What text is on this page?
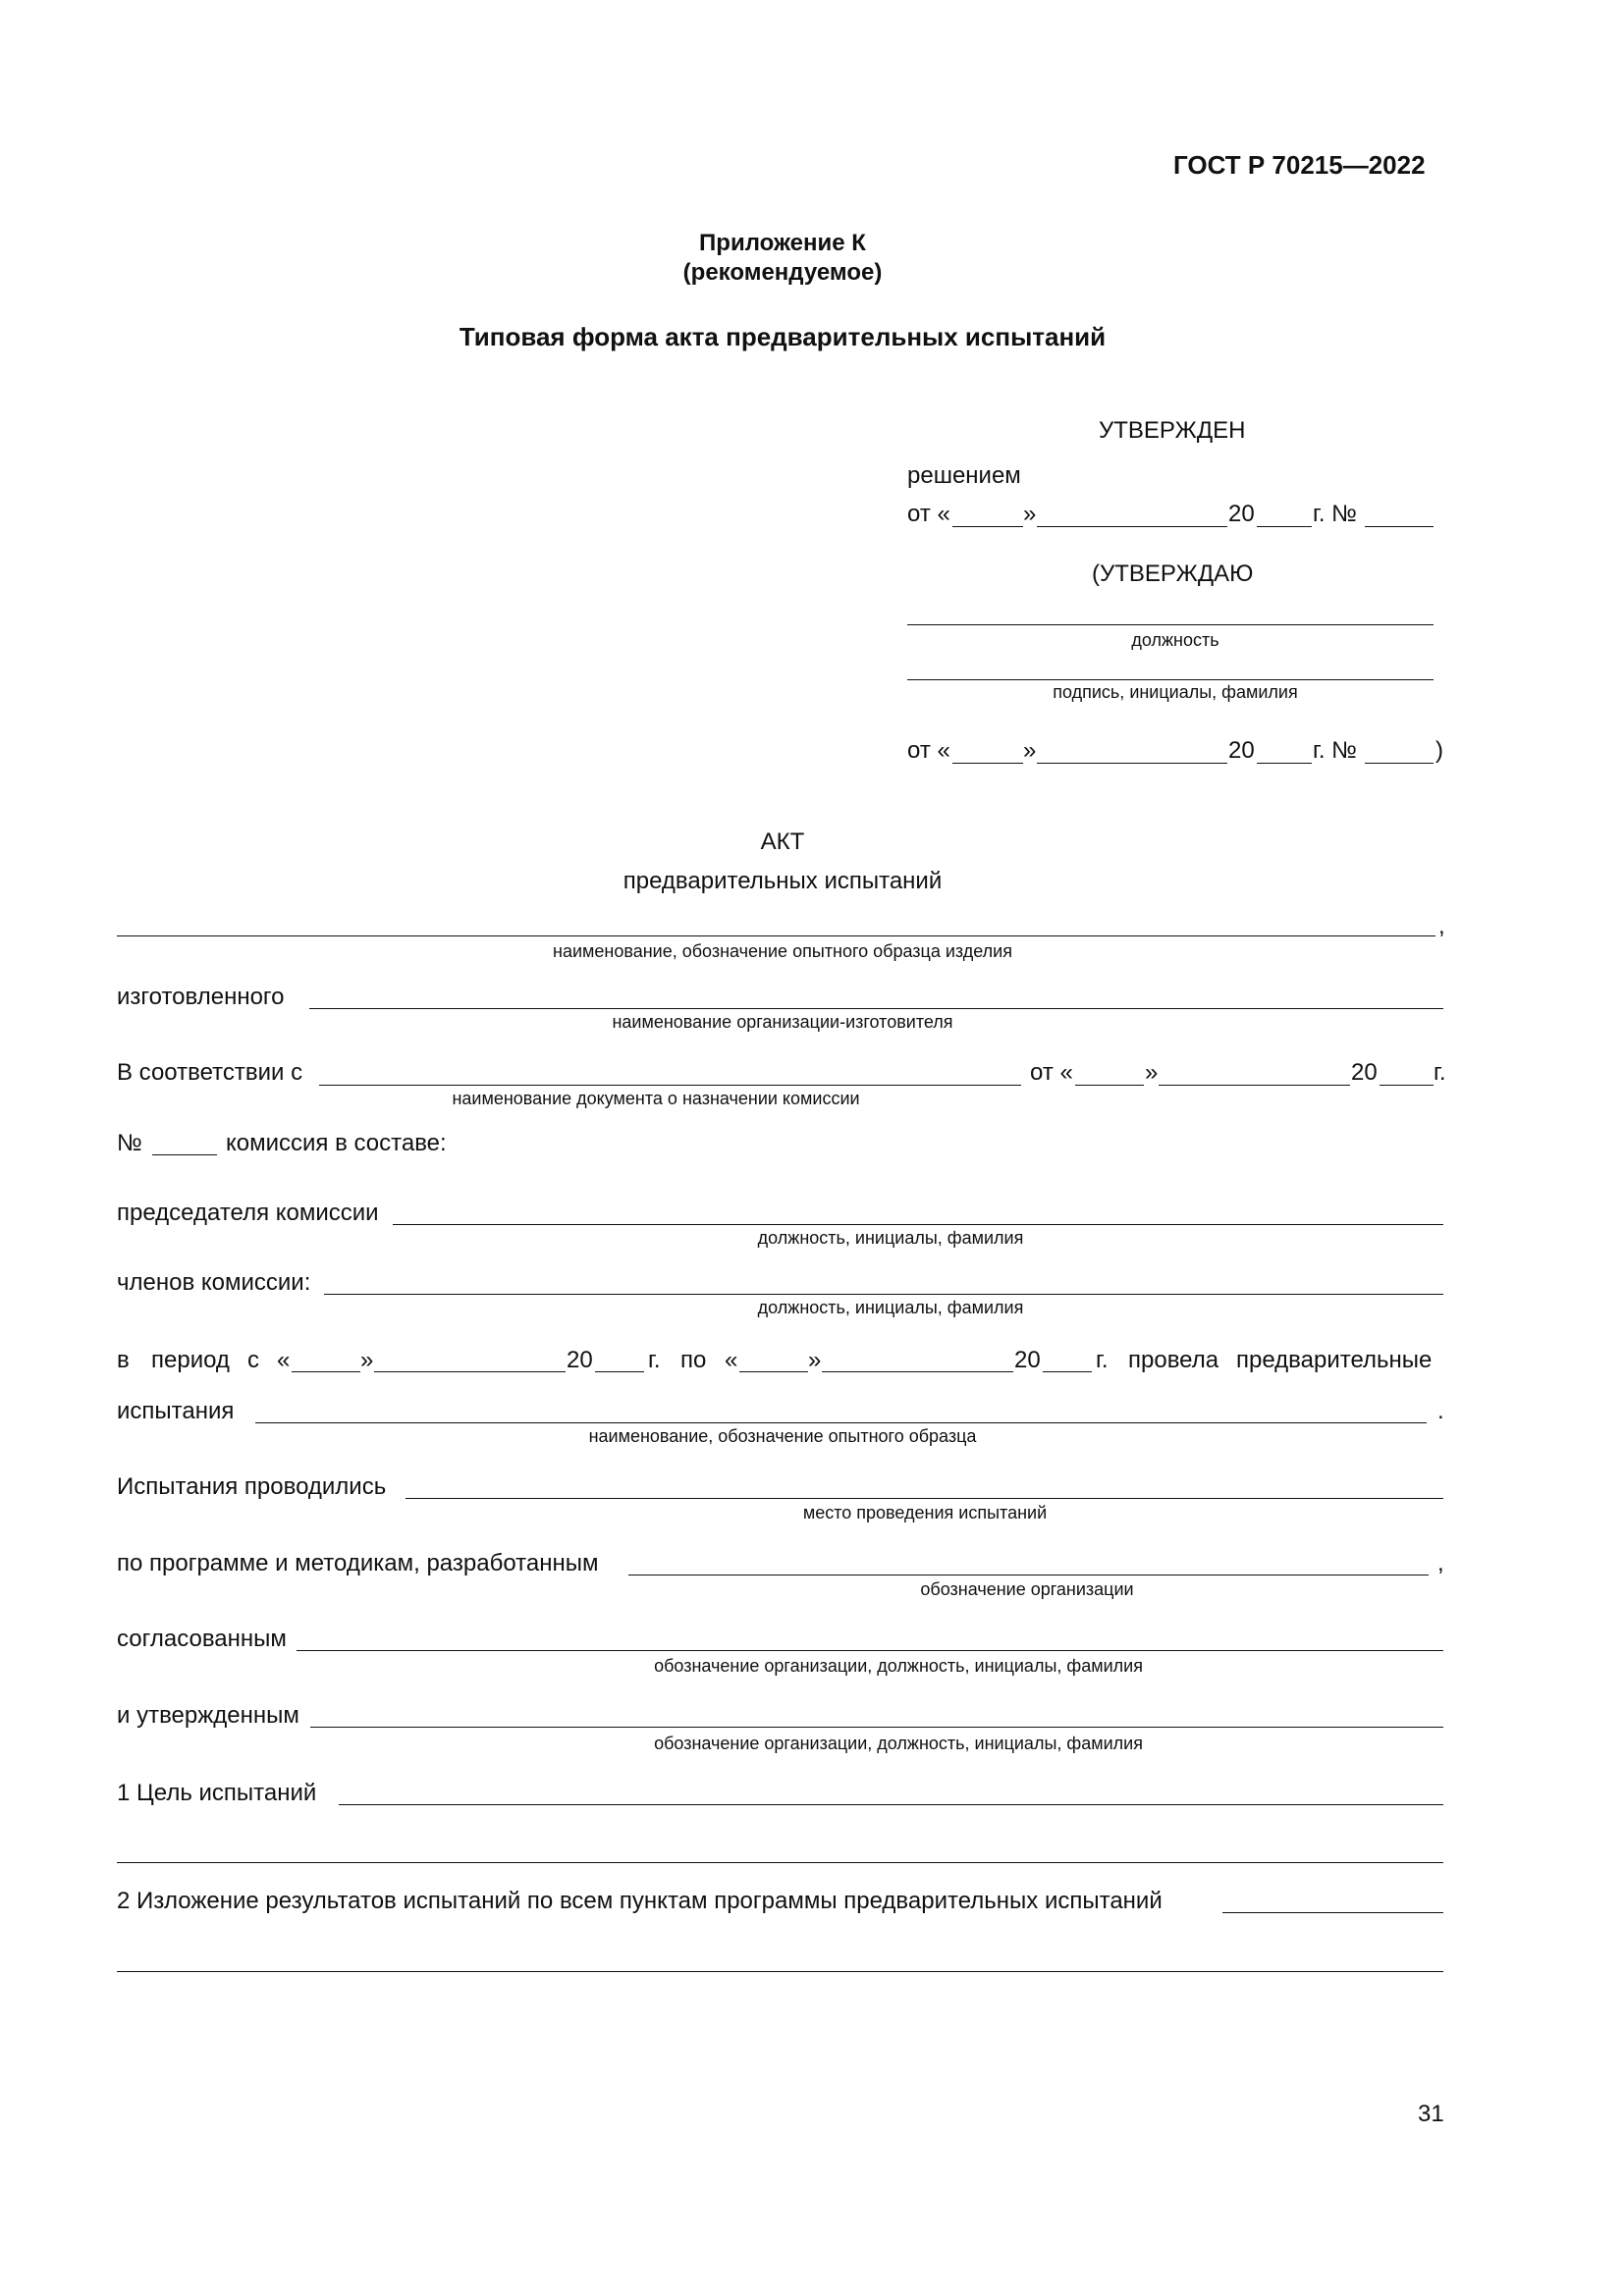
ГОСТ Р 70215—2022
Приложение К
(рекомендуемое)
Типовая форма акта предварительных испытаний
УТВЕРЖДЕН
решением
от «	»	20 г. №
(УТВЕРЖДАЮ
должность
подпись, инициалы, фамилия
от «	»	20 г. №	)
АКТ
предварительных испытаний
,
наименование, обозначение опытного образца изделия
изготовленного
наименование организации-изготовителя
В соответствии с	от «	»	20 г.
наименование документа о назначении комиссии
№	комиссия в составе:
председателя комиссии
должность, инициалы, фамилия
членов комиссии:
должность, инициалы, фамилия
в период с «	»	20 г. по «	»	20 г. провела предварительные
испытания	.
наименование, обозначение опытного образца
Испытания проводились
место проведения испытаний
по программе и методикам, разработанным	,
обозначение организации
согласованным
обозначение организации, должность, инициалы, фамилия
и утвержденным
обозначение организации, должность, инициалы, фамилия
1 Цель испытаний
2 Изложение результатов испытаний по всем пунктам программы предварительных испытаний
31
